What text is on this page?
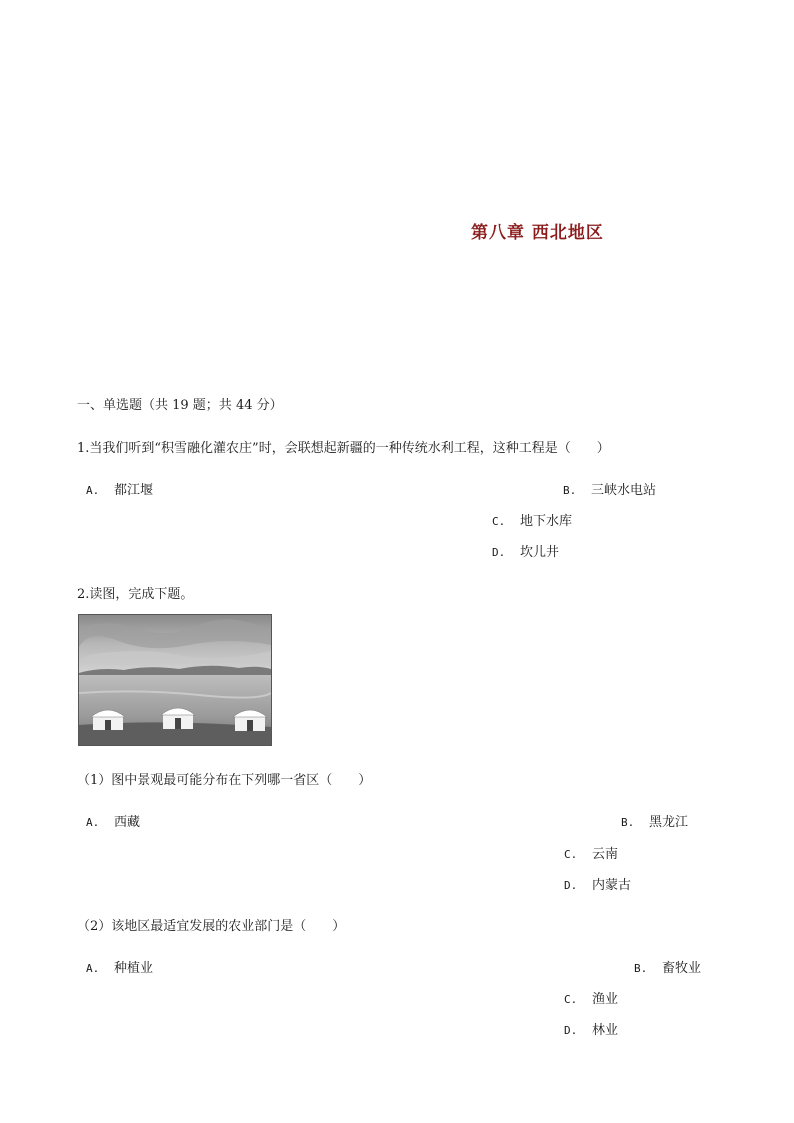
第八章 西北地区
一、单选题（共 19 题；共 44 分）
1.当我们听到“积雪融化灌农庄”时，会联想起新疆的一种传统水利工程，这种工程是（　　）
A. 都江堰	B. 三峡水电站
C. 地下水库
D. 坎儿井
2.读图，完成下题。
（1）图中景观最可能分布在下列哪一省区（　　）
A. 西藏	B. 黑龙江
C. 云南
D. 内蒙古
（2）该地区最适宜发展的农业部门是（　　）
A. 种植业	B. 畜牧业
C. 渔业
D. 林业
